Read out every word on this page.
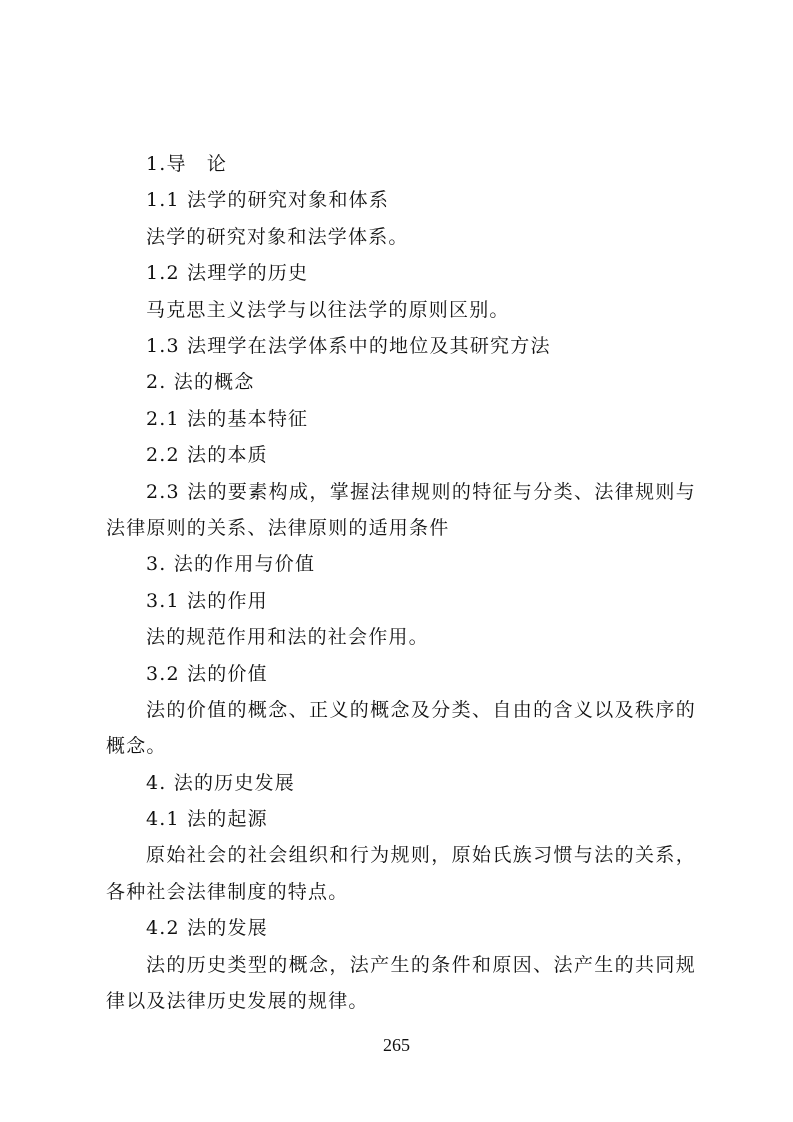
1.导　论
1.1 法学的研究对象和体系
法学的研究对象和法学体系。
1.2 法理学的历史
马克思主义法学与以往法学的原则区别。
1.3 法理学在法学体系中的地位及其研究方法
2. 法的概念
2.1 法的基本特征
2.2 法的本质
2.3 法的要素构成，掌握法律规则的特征与分类、法律规则与法律原则的关系、法律原则的适用条件
3. 法的作用与价值
3.1 法的作用
法的规范作用和法的社会作用。
3.2 法的价值
法的价值的概念、正义的概念及分类、自由的含义以及秩序的概念。
4. 法的历史发展
4.1 法的起源
原始社会的社会组织和行为规则，原始氏族习惯与法的关系，各种社会法律制度的特点。
4.2 法的发展
法的历史类型的概念，法产生的条件和原因、法产生的共同规律以及法律历史发展的规律。
265
